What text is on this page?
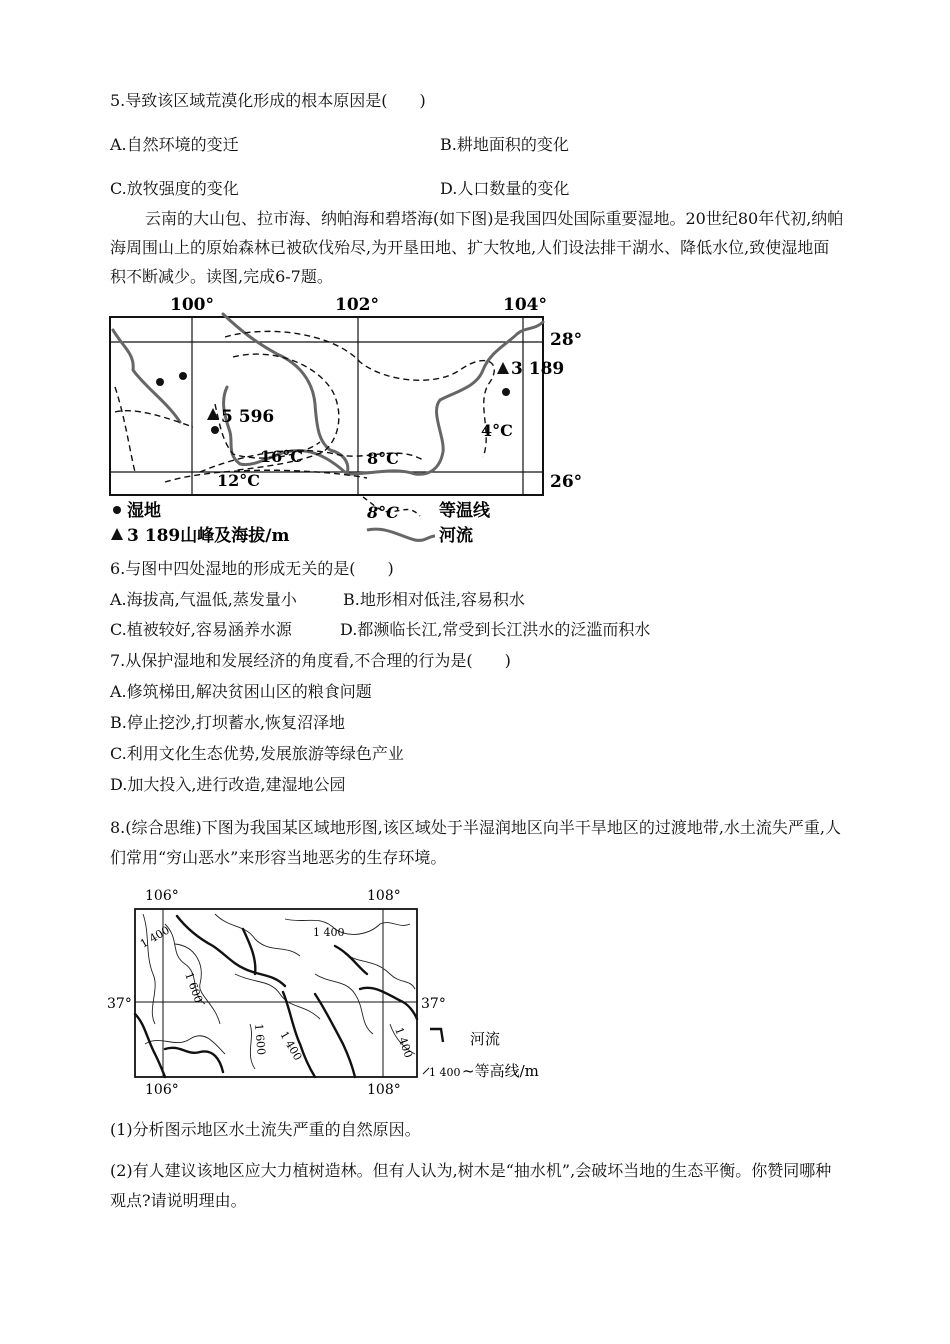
5.导致该区域荒漠化形成的根本原因是(　　)
A.自然环境的变迁	B.耕地面积的变化
C.放牧强度的变化	D.人口数量的变化
云南的大山包、拉市海、纳帕海和碧塔海(如下图)是我国四处国际重要湿地。20世纪80年代初,纳帕海周围山上的原始森林已被砍伐殆尽,为开垦田地、扩大牧地,人们设法排干湖水、降低水位,致使湿地面积不断减少。读图,完成6-7题。
100°	102°	104°
28°
26°
5 596
3 189
16°C	8°C
4°C
12°C
湿地
3 189山峰及海拔/m
8°C 等温线
河流
6.与图中四处湿地的形成无关的是(　　)
A.海拔高,气温低,蒸发量小	B.地形相对低洼,容易积水
C.植被较好,容易涵养水源	D.都濒临长江,常受到长江洪水的泛滥而积水
7.从保护湿地和发展经济的角度看,不合理的行为是(　　)
A.修筑梯田,解决贫困山区的粮食问题
B.停止挖沙,打坝蓄水,恢复沼泽地
C.利用文化生态优势,发展旅游等绿色产业
D.加大投入,进行改造,建湿地公园
8.(综合思维)下图为我国某区域地形图,该区域处于半湿润地区向半干旱地区的过渡地带,水土流失严重,人们常用“穷山恶水”来形容当地恶劣的生存环境。
106°	108°
106°	108°
37°	37°
1 400
1 400
1 600
1 600 1 400	1 400	河流
1 400 ~等高线/m
(1)分析图示地区水土流失严重的自然原因。
(2)有人建议该地区应大力植树造林。但有人认为,树木是“抽水机”,会破坏当地的生态平衡。你赞同哪种观点?请说明理由。
